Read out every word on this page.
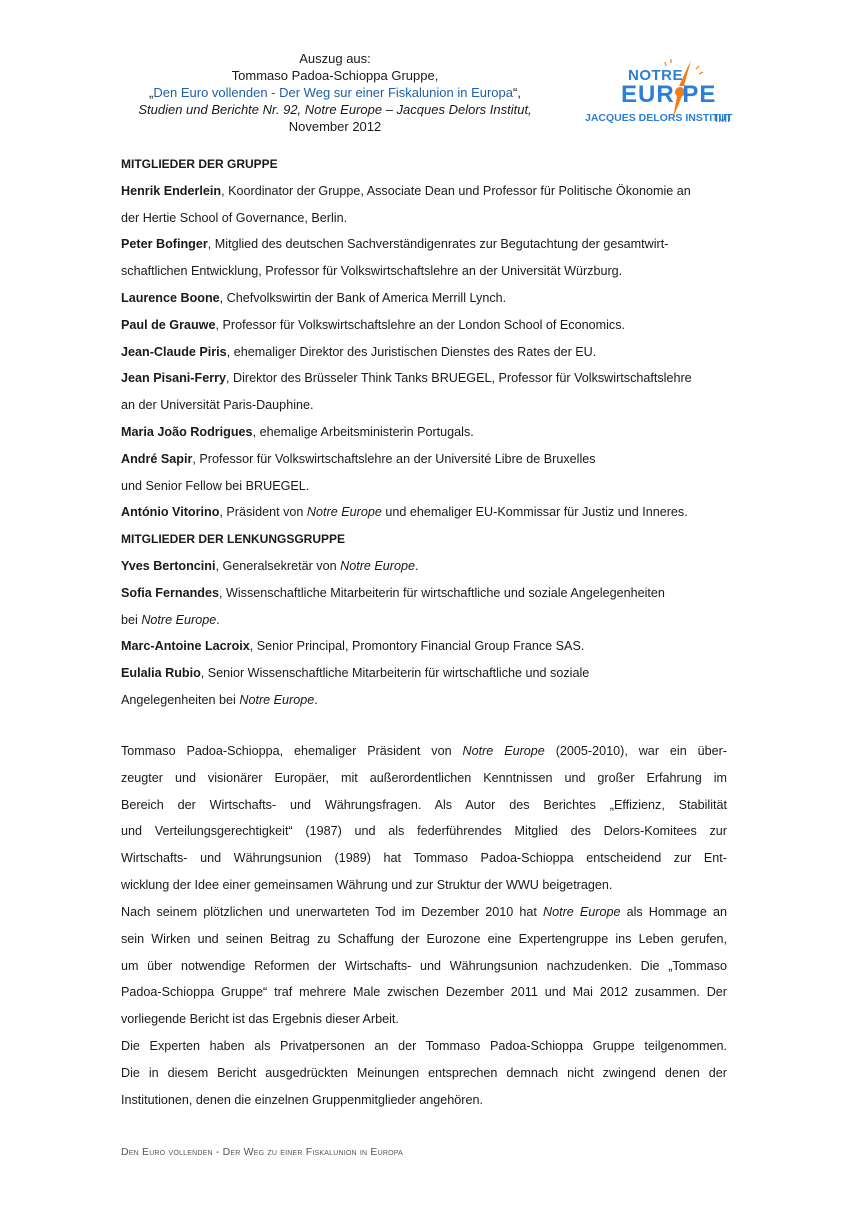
Auszug aus:
Tommaso Padoa-Schioppa Gruppe,
„Den Euro vollenden - Der Weg sur einer Fiskalunion in Europa“,
Studien und Berichte Nr. 92, Notre Europe – Jacques Delors Institut,
November 2012
NOTRE
EUR PE
JACQUES DELORS INSTITUT
MITGLIEDER DER GRUPPE
Henrik Enderlein, Koordinator der Gruppe, Associate Dean und Professor für Politische Ökonomie an
der Hertie School of Governance, Berlin.
Peter Bofinger, Mitglied des deutschen Sachverständigenrates zur Begutachtung der gesamtwirt-
schaftlichen Entwicklung, Professor für Volkswirtschaftslehre an der Universität Würzburg.
Laurence Boone, Chefvolkswirtin der Bank of America Merrill Lynch.
Paul de Grauwe, Professor für Volkswirtschaftslehre an der London School of Economics.
Jean-Claude Piris, ehemaliger Direktor des Juristischen Dienstes des Rates der EU.
Jean Pisani-Ferry, Direktor des Brüsseler Think Tanks BRUEGEL, Professor für Volkswirtschaftslehre
an der Universität Paris-Dauphine.
Maria João Rodrigues, ehemalige Arbeitsministerin Portugals.
André Sapir, Professor für Volkswirtschaftslehre an der Université Libre de Bruxelles
und Senior Fellow bei BRUEGEL.
António Vitorino, Präsident von Notre Europe und ehemaliger EU-Kommissar für Justiz und Inneres.
MITGLIEDER DER LENKUNGSGRUPPE
Yves Bertoncini, Generalsekretär von Notre Europe.
Sofia Fernandes, Wissenschaftliche Mitarbeiterin für wirtschaftliche und soziale Angelegenheiten
bei Notre Europe.
Marc-Antoine Lacroix, Senior Principal, Promontory Financial Group France SAS.
Eulalia Rubio, Senior Wissenschaftliche Mitarbeiterin für wirtschaftliche und soziale
Angelegenheiten bei Notre Europe.
Tommaso Padoa-Schioppa, ehemaliger Präsident von Notre Europe (2005-2010), war ein über-
zeugter und visionärer Europäer, mit außerordentlichen Kenntnissen und großer Erfahrung im
Bereich der Wirtschafts- und Währungsfragen. Als Autor des Berichtes „Effizienz, Stabilität
und Verteilungsgerechtigkeit“ (1987) und als federführendes Mitglied des Delors-Komitees zur
Wirtschafts- und Währungsunion (1989) hat Tommaso Padoa-Schioppa entscheidend zur Ent-
wicklung der Idee einer gemeinsamen Währung und zur Struktur der WWU beigetragen.
Nach seinem plötzlichen und unerwarteten Tod im Dezember 2010 hat Notre Europe als Hommage an
sein Wirken und seinen Beitrag zu Schaffung der Eurozone eine Expertengruppe ins Leben gerufen,
um über notwendige Reformen der Wirtschafts- und Währungsunion nachzudenken. Die „Tommaso
Padoa-Schioppa Gruppe“ traf mehrere Male zwischen Dezember 2011 und Mai 2012 zusammen. Der
vorliegende Bericht ist das Ergebnis dieser Arbeit.
Die Experten haben als Privatpersonen an der Tommaso Padoa-Schioppa Gruppe teilgenommen.
Die in diesem Bericht ausgedrückten Meinungen entsprechen demnach nicht zwingend denen der
Institutionen, denen die einzelnen Gruppenmitglieder angehören.
Den Euro vollenden - Der Weg zu einer Fiskalunion in Europa
